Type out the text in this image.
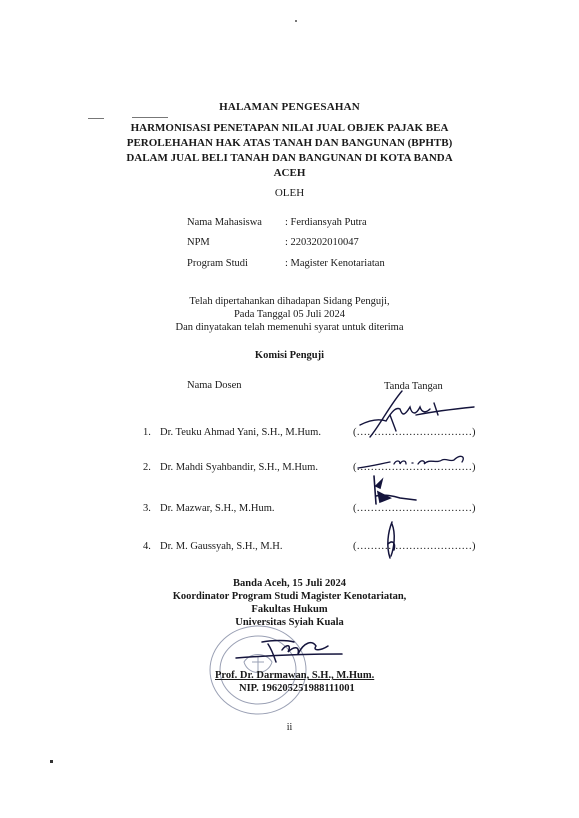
HALAMAN PENGESAHAN
HARMONISASI PENETAPAN NILAI JUAL OBJEK PAJAK BEA
PEROLEHAHAN HAK ATAS TANAH DAN BANGUNAN (BPHTB)
DALAM JUAL BELI TANAH DAN BANGUNAN DI KOTA BANDA
ACEH
OLEH
Nama Mahasiswa : Ferdiansyah Putra
NPM	: 2203202010047
Program Studi	: Magister Kenotariatan
Telah dipertahankan dihadapan Sidang Penguji,
Pada Tanggal 05 Juli 2024
Dan dinyatakan telah memenuhi syarat untuk diterima
Komisi Penguji
Nama Dosen	Tanda Tangan
1. Dr. Teuku Ahmad Yani, S.H., M.Hum.	(……………………………)
2. Dr. Mahdi Syahbandir, S.H., M.Hum.	(……………………………)
3. Dr. Mazwar, S.H., M.Hum.	(……………………………)
4. Dr. M. Gaussyah, S.H., M.H.	(……………………………)
Banda Aceh, 15 Juli 2024
Koordinator Program Studi Magister Kenotariatan,
Fakultas Hukum
Universitas Syiah Kuala
Prof. Dr. Darmawan, S.H., M.Hum.
NIP. 196205251988111001
ii
